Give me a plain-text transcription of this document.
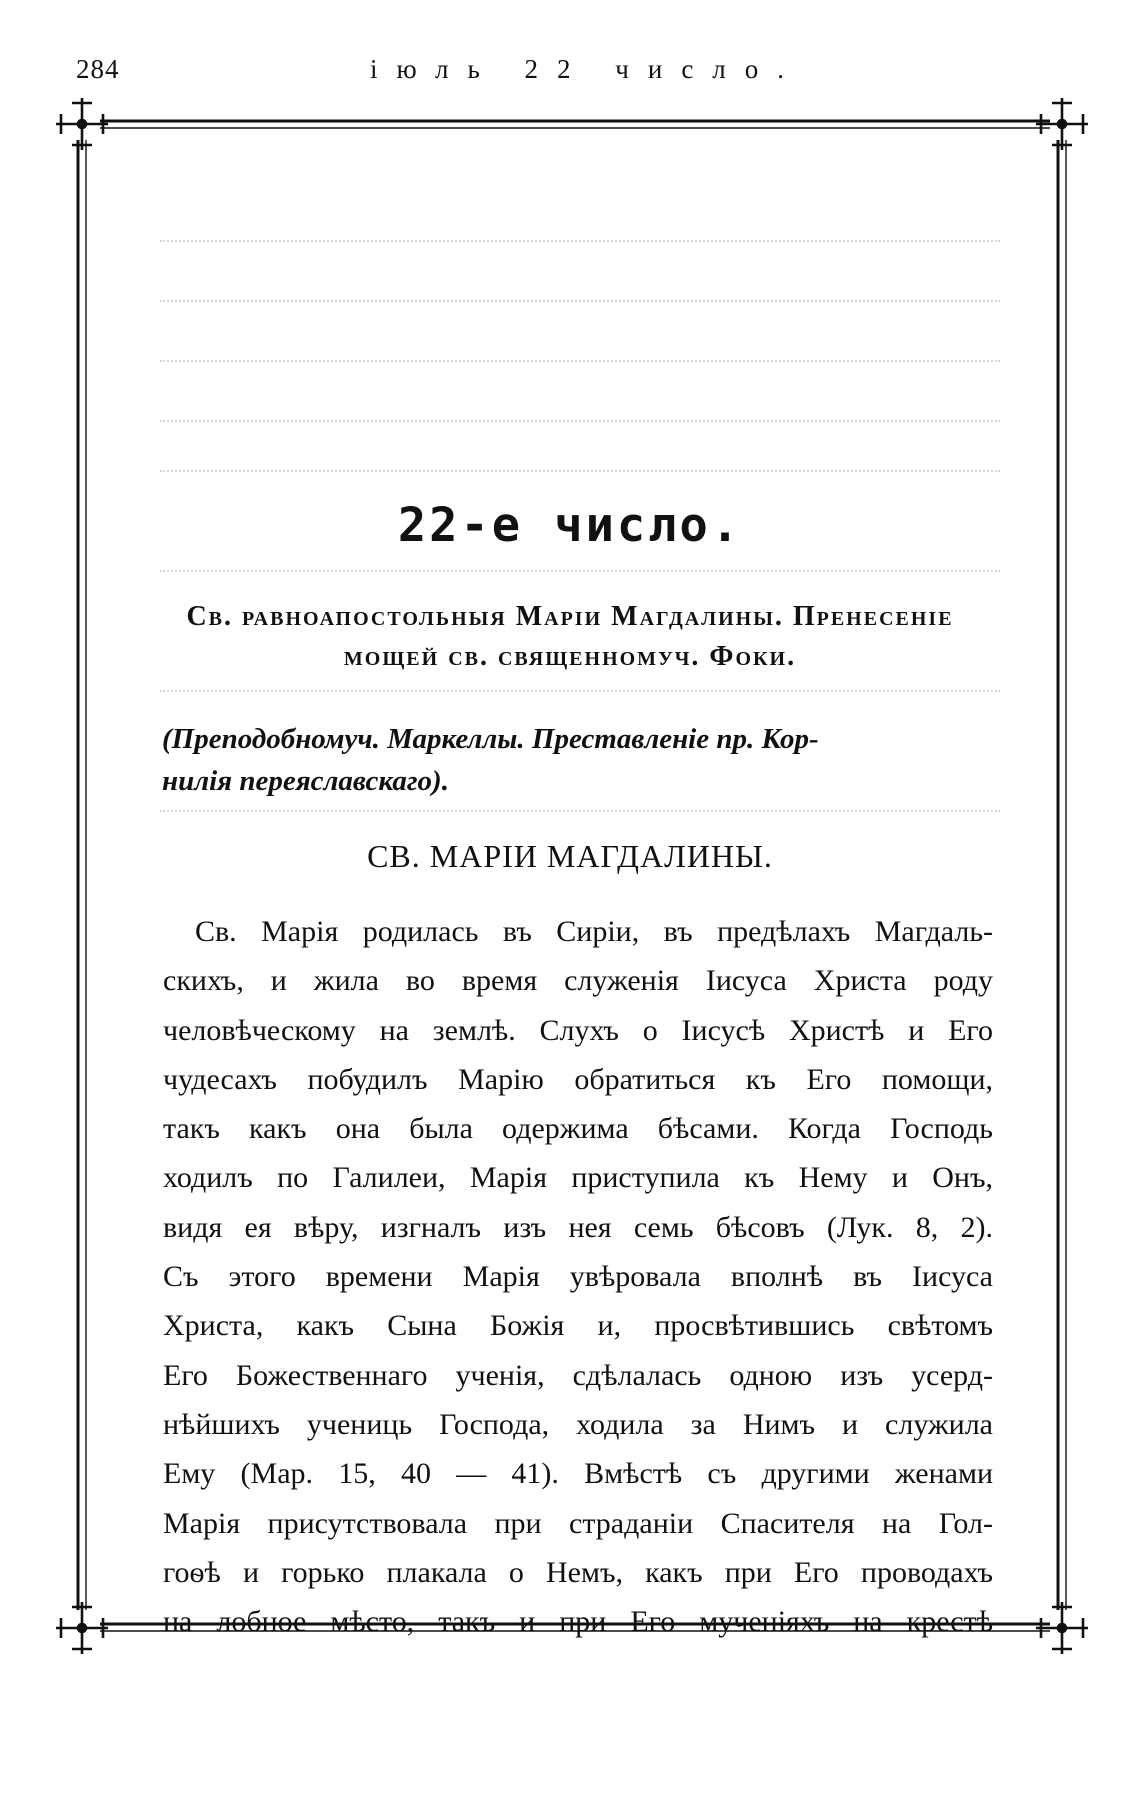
284	іюль 22 число.
22-е число.
Св. равноапостольныя Маріи Магдалины. Пренесеніе
мощей св. священномуч. Фоки.
(Преподобномуч. Маркеллы. Преставленіе пр. Кор-
нилія переяславскаго).
СВ. МАРІИ МАГДАЛИНЫ.
Св. Марія родилась въ Сиріи, въ предѣлахъ Магдаль-
скихъ, и жила во время служенія Іисуса Христа роду
человѣческому на землѣ. Слухъ о Іисусѣ Христѣ и Его
чудесахъ побудилъ Марію обратиться къ Его помощи,
такъ какъ она была одержима бѣсами. Когда Господь
ходилъ по Галилеи, Марія приступила къ Нему и Онъ,
видя ея вѣру, изгналъ изъ нея семь бѣсовъ (Лук. 8, 2).
Съ этого времени Марія увѣровала вполнѣ въ Іисуса
Христа, какъ Сына Божія и, просвѣтившись свѣтомъ
Его Божественнаго ученія, сдѣлалась одною изъ усерд-
нѣйшихъ учениць Господа, ходила за Нимъ и служила
Ему (Мар. 15, 40 — 41). Вмѣстѣ съ другими женами
Марія присутствовала при страданіи Спасителя на Гол-
гоѳѣ и горько плакала о Немъ, какъ при Его проводахъ
на лобное мѣсто, такъ и при Его мученіяхъ на крестѣ
